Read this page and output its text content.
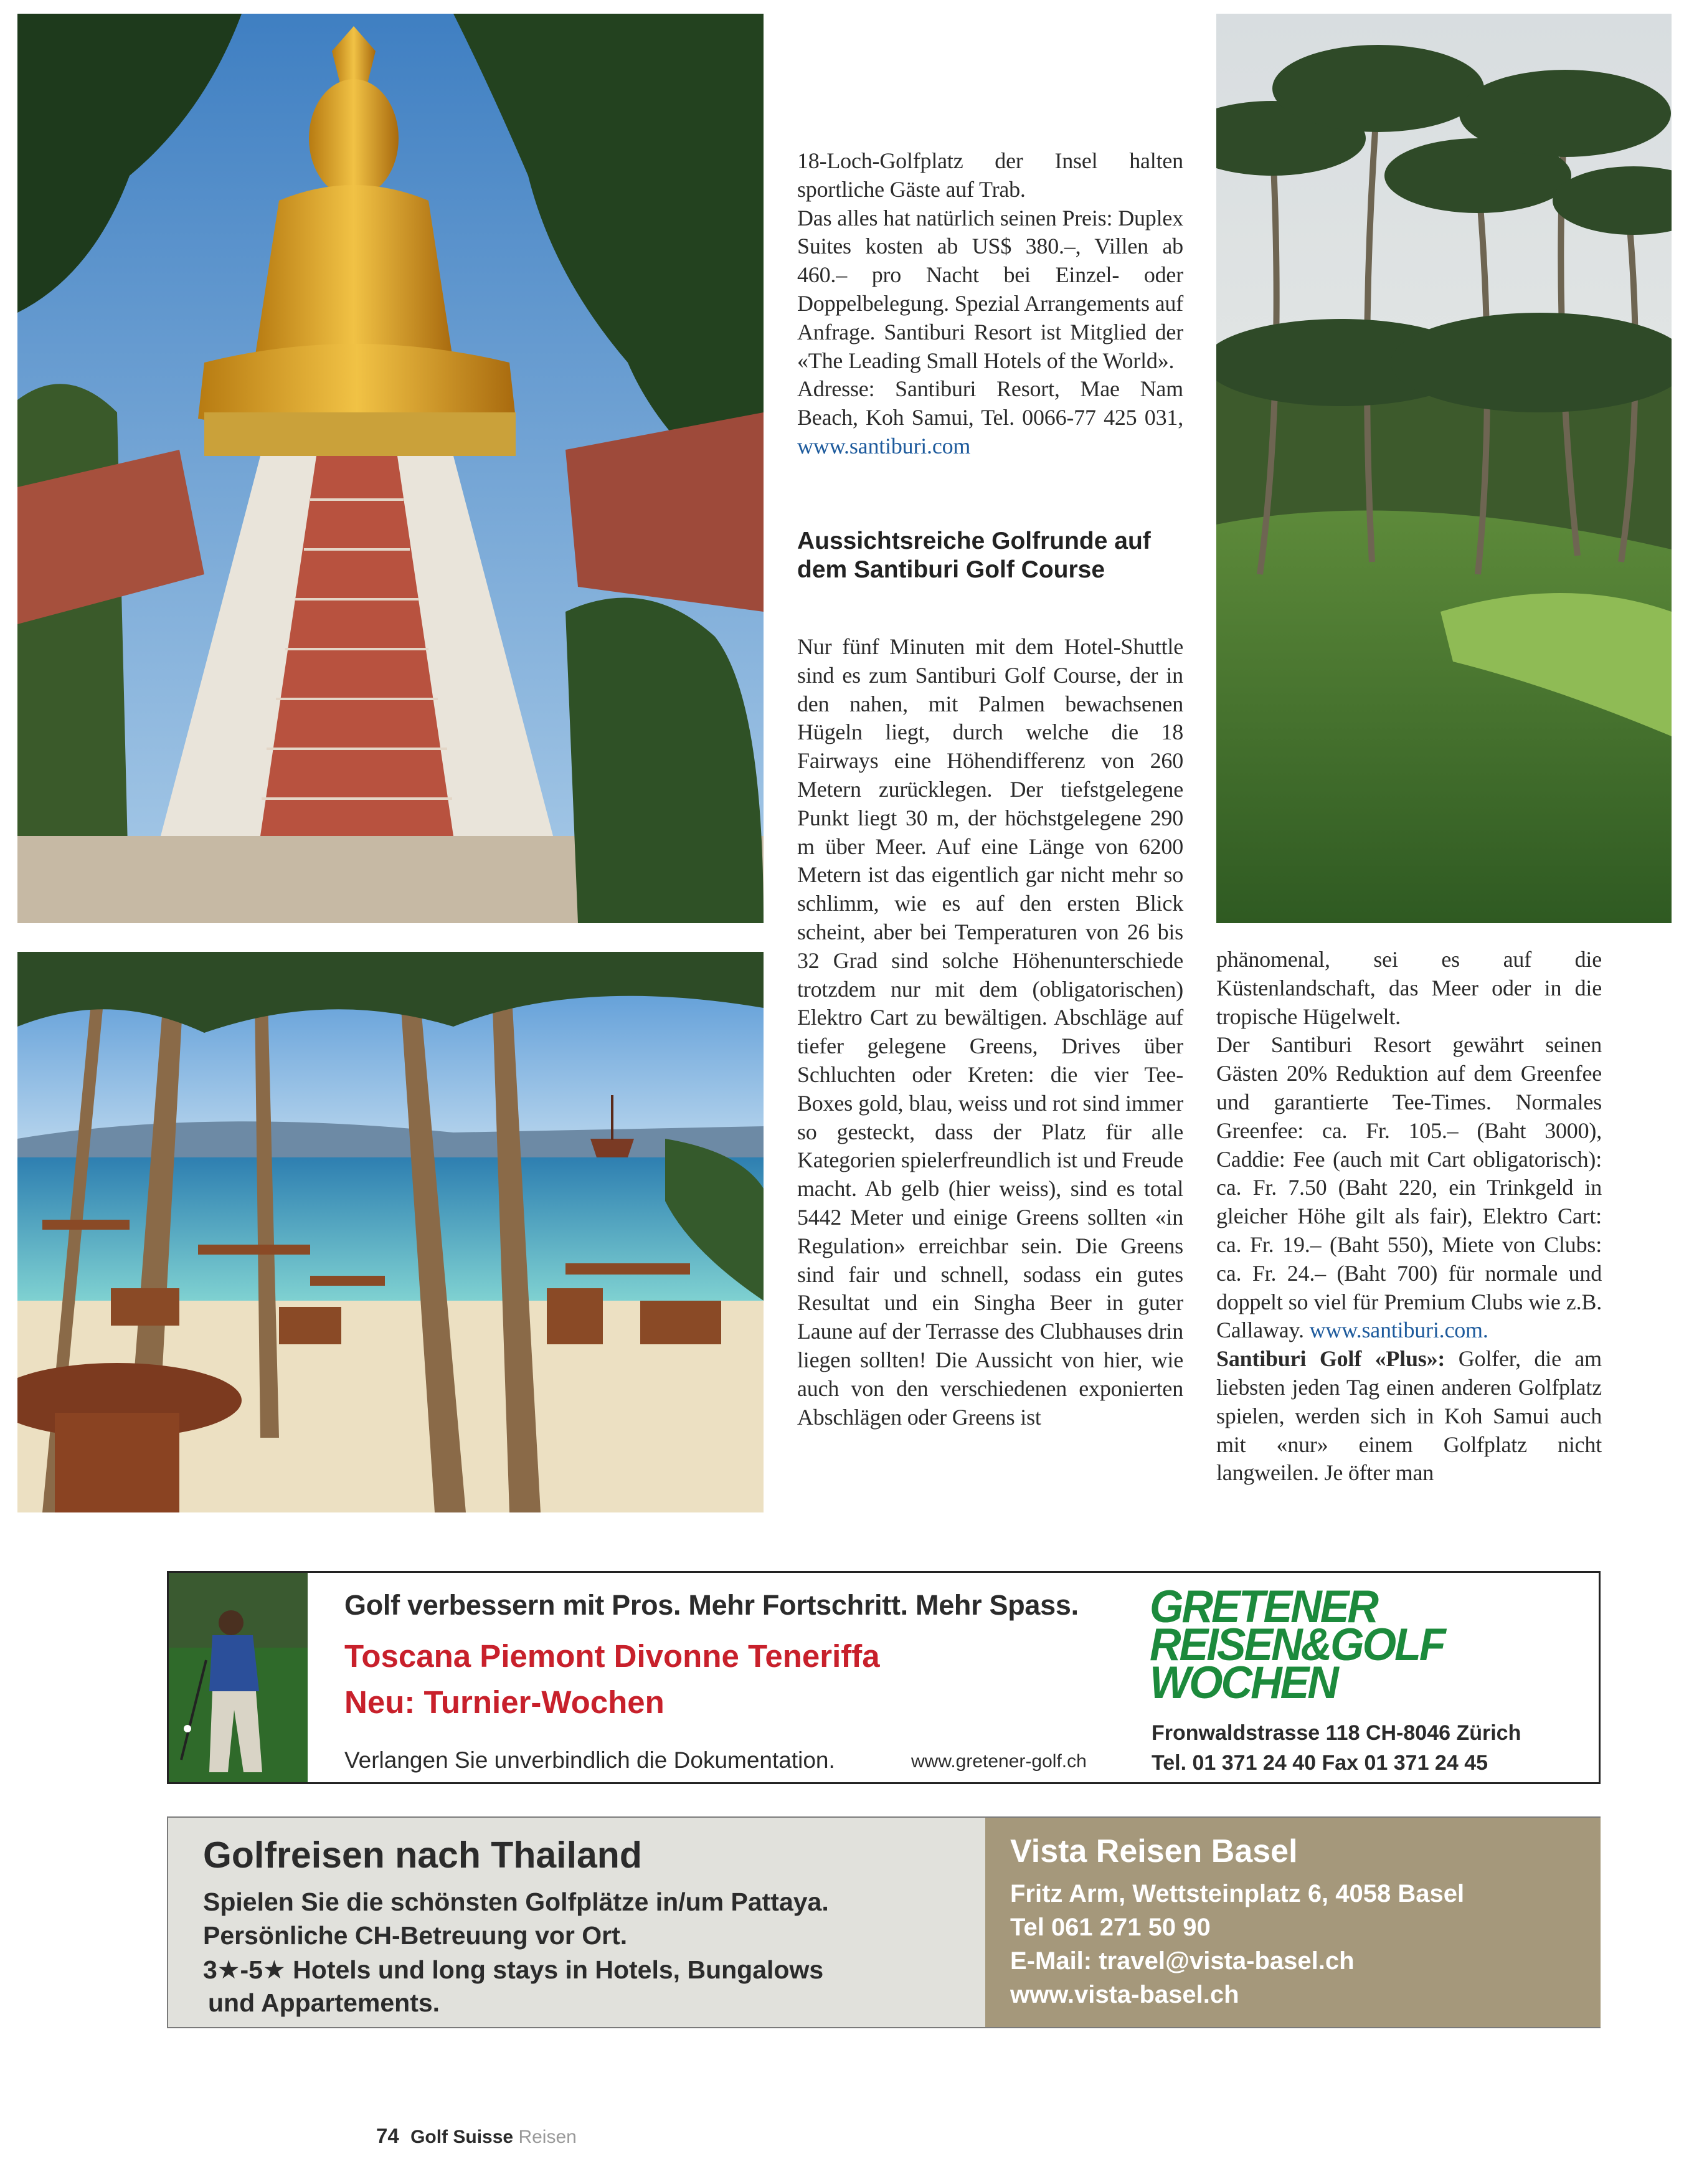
18-Loch-Golfplatz der Insel halten sportliche Gäste auf Trab.

Das alles hat natürlich seinen Preis: Duplex Suites kosten ab US$ 380.–, Villen ab 460.– pro Nacht bei Einzel- oder Doppelbelegung. Spezial Arrangements auf Anfrage. Santiburi Resort ist Mitglied der «The Leading Small Hotels of the World».

Adresse: Santiburi Resort, Mae Nam Beach, Koh Samui, Tel. 0066-77 425 031, www.santiburi.com

Aussichtsreiche Golfrunde auf dem Santiburi Golf Course

Nur fünf Minuten mit dem Hotel-Shuttle sind es zum Santiburi Golf Course, der in den nahen, mit Palmen bewachsenen Hügeln liegt, durch welche die 18 Fairways eine Höhendifferenz von 260 Metern zurücklegen. Der tiefstgelegene Punkt liegt 30 m, der höchstgelegene 290 m über Meer. Auf eine Länge von 6200 Metern ist das eigentlich gar nicht mehr so schlimm, wie es auf den ersten Blick scheint, aber bei Temperaturen von 26 bis 32 Grad sind solche Höhenunterschiede trotzdem nur mit dem (obligatorischen) Elektro Cart zu bewältigen. Abschläge auf tiefer gelegene Greens, Drives über Schluchten oder Kreten: die vier Tee-Boxes gold, blau, weiss und rot sind immer so gesteckt, dass der Platz für alle Kategorien spielerfreundlich ist und Freude macht. Ab gelb (hier weiss), sind es total 5442 Meter und einige Greens sollten «in Regulation» erreichbar sein. Die Greens sind fair und schnell, sodass ein gutes Resultat und ein Singha Beer in guter Laune auf der Terrasse des Clubhauses drin liegen sollten! Die Aussicht von hier, wie auch von den verschiedenen exponierten Abschlägen oder Greens ist

phänomenal, sei es auf die Küstenlandschaft, das Meer oder in die tropische Hügelwelt.

Der Santiburi Resort gewährt seinen Gästen 20% Reduktion auf dem Greenfee und garantierte Tee-Times. Normales Greenfee: ca. Fr. 105.– (Baht 3000), Caddie: Fee (auch mit Cart obligatorisch): ca. Fr. 7.50 (Baht 220, ein Trinkgeld in gleicher Höhe gilt als fair), Elektro Cart: ca. Fr. 19.– (Baht 550), Miete von Clubs: ca. Fr. 24.– (Baht 700) für normale und doppelt so viel für Premium Clubs wie z.B. Callaway. www.santiburi.com.

Santiburi Golf «Plus»: Golfer, die am liebsten jeden Tag einen anderen Golfplatz spielen, werden sich in Koh Samui auch mit «nur» einem Golfplatz nicht langweilen. Je öfter man

Golf verbessern mit Pros. Mehr Fortschritt. Mehr Spass.
Toscana Piemont Divonne Teneriffa
Neu: Turnier-Wochen
Verlangen Sie unverbindlich die Dokumentation.	www.gretener-golf.ch
GRETENER
REISEN&GOLF
WOCHEN
Fronwaldstrasse 118 CH-8046 Zürich
Tel. 01 371 24 40 Fax 01 371 24 45
Golfreisen nach Thailand
Spielen Sie die schönsten Golfplätze in/um Pattaya.
Persönliche CH-Betreuung vor Ort.
3★-5★ Hotels und long stays in Hotels, Bungalows
und Appartements.
Vista Reisen Basel
Fritz Arm, Wettsteinplatz 6, 4058 Basel
Tel 061 271 50 90
E-Mail: travel@vista-basel.ch
www.vista-basel.ch
74 Golf Suisse Reisen
